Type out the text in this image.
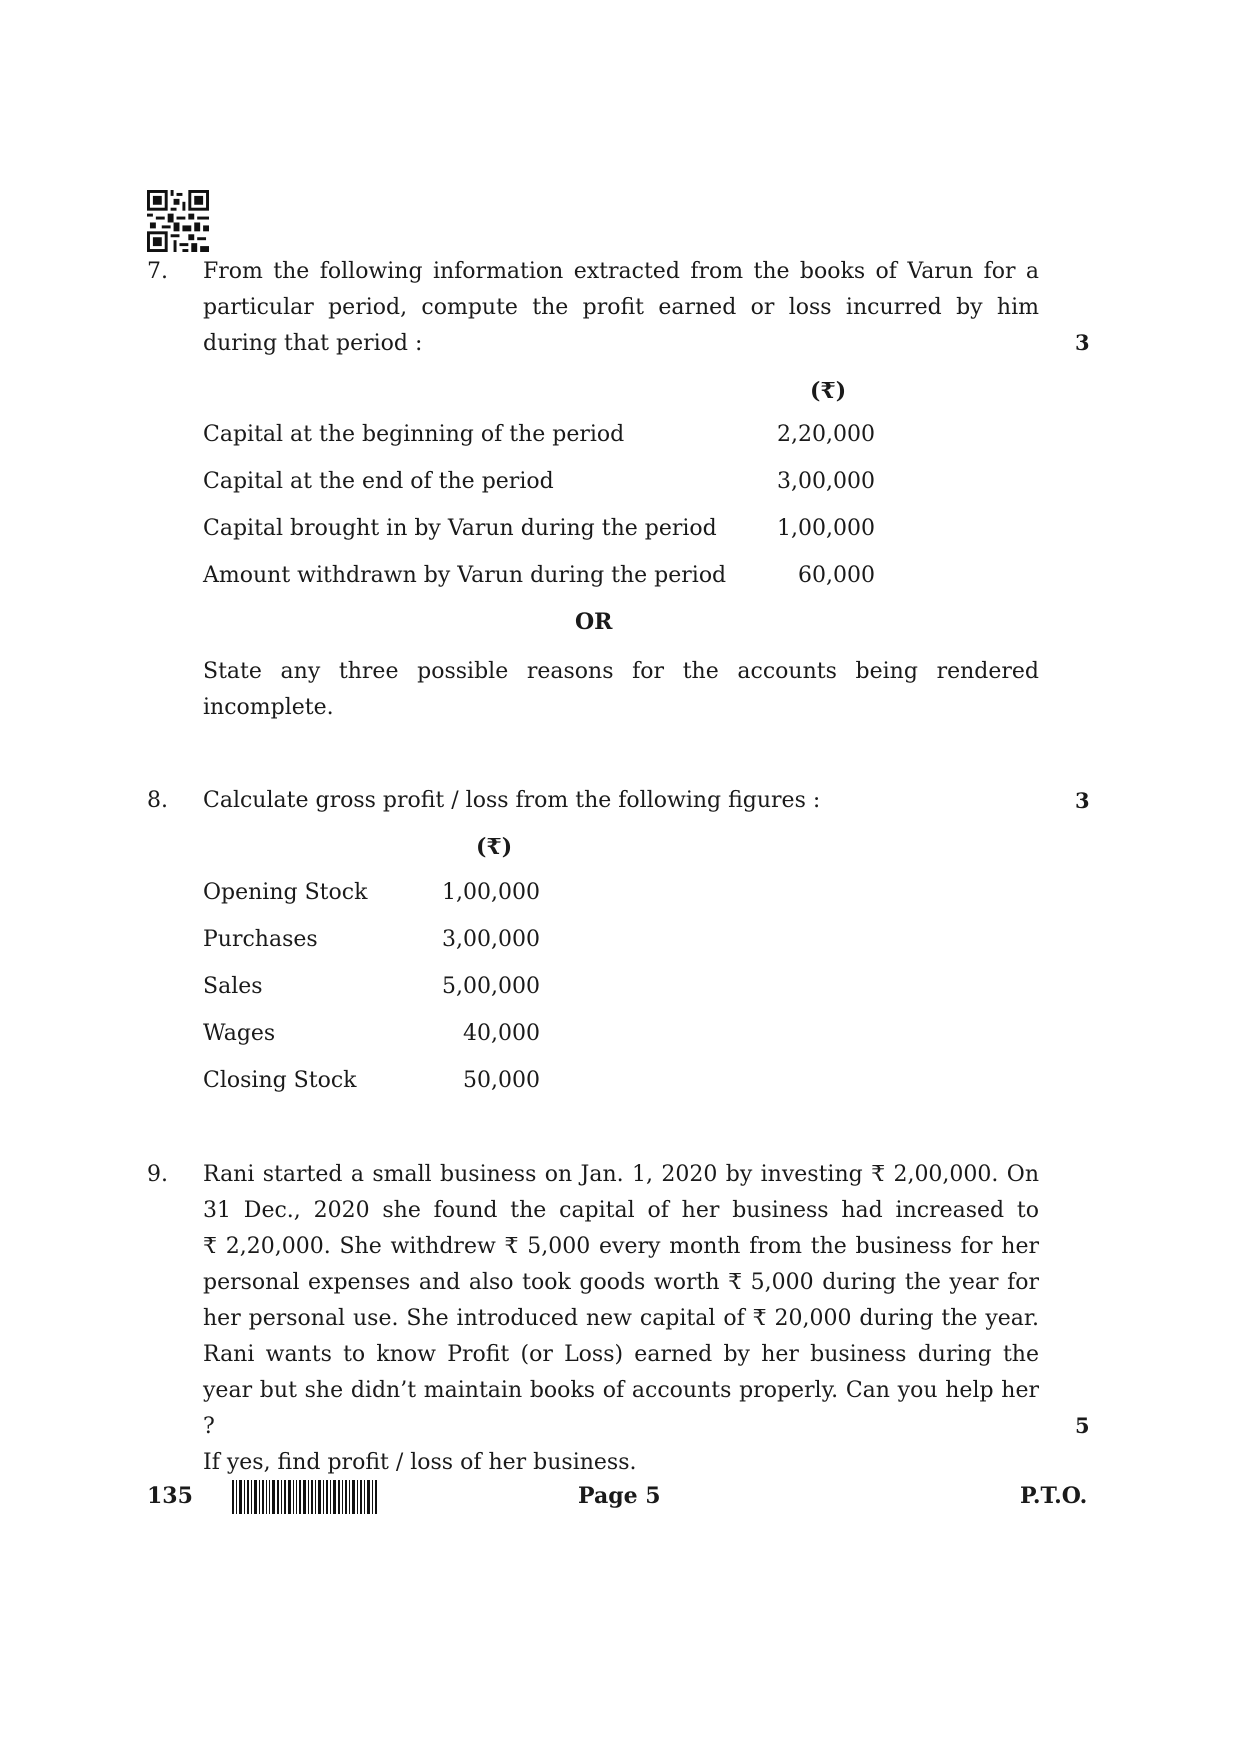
7. From the following information extracted from the books of Varun for a
particular period, compute the profit earned or loss incurred by him
during that period :	3
(₹)
Capital at the beginning of the period	2,20,000
Capital at the end of the period	3,00,000
Capital brought in by Varun during the period	1,00,000
Amount withdrawn by Varun during the period	60,000
OR
State any three possible reasons for the accounts being rendered
incomplete.
8. Calculate gross profit / loss from the following figures :	3
(₹)
Opening Stock	1,00,000
Purchases	3,00,000
Sales	5,00,000
Wages	40,000
Closing Stock	50,000
9. Rani started a small business on Jan. 1, 2020 by investing ₹ 2,00,000. On
31 Dec., 2020 she found the capital of her business had increased to
₹ 2,20,000. She withdrew ₹ 5,000 every month from the business for her
personal expenses and also took goods worth ₹ 5,000 during the year for
her personal use. She introduced new capital of ₹ 20,000 during the year.
Rani wants to know Profit (or Loss) earned by her business during the
year but she didn’t maintain books of accounts properly. Can you help her ?
If yes, find profit / loss of her business.
5
135	Page 5	P.T.O.
